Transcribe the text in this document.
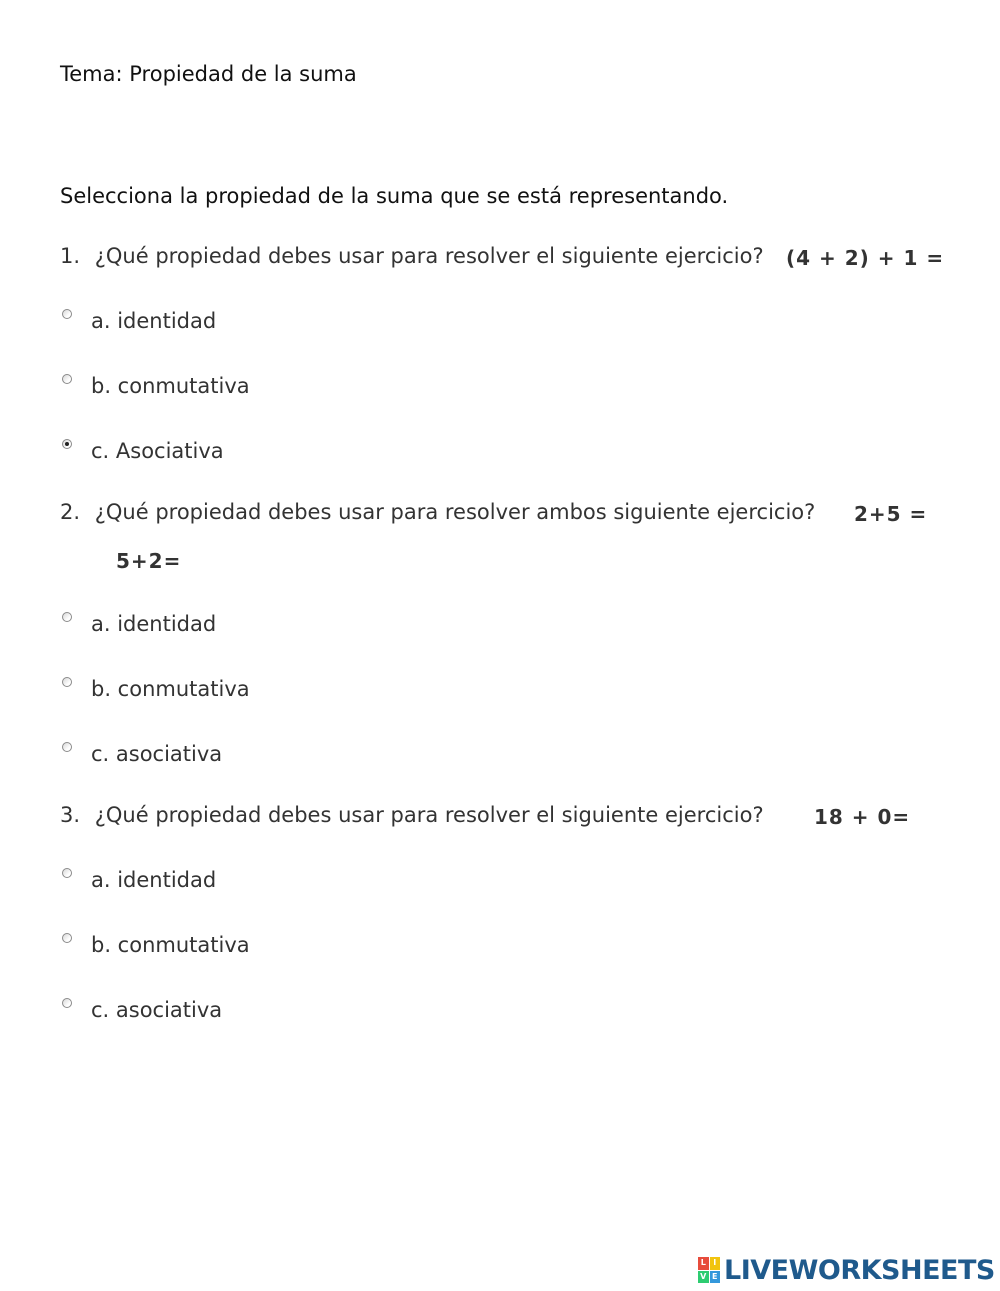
Tema: Propiedad de la suma
Selecciona la propiedad de la suma que se está representando.
1. ¿Qué propiedad debes usar para resolver el siguiente ejercicio? (4 + 2) + 1 =
a. identidad
b. conmutativa
c. Asociativa
2. ¿Qué propiedad debes usar para resolver ambos siguiente ejercicio? 2+5 =
5+2=
a. identidad
b. conmutativa
c. asociativa
3. ¿Qué propiedad debes usar para resolver el siguiente ejercicio?	18 + 0=
a. identidad
b. conmutativa
c. asociativa
L I
V E LIVEWORKSHEETS
